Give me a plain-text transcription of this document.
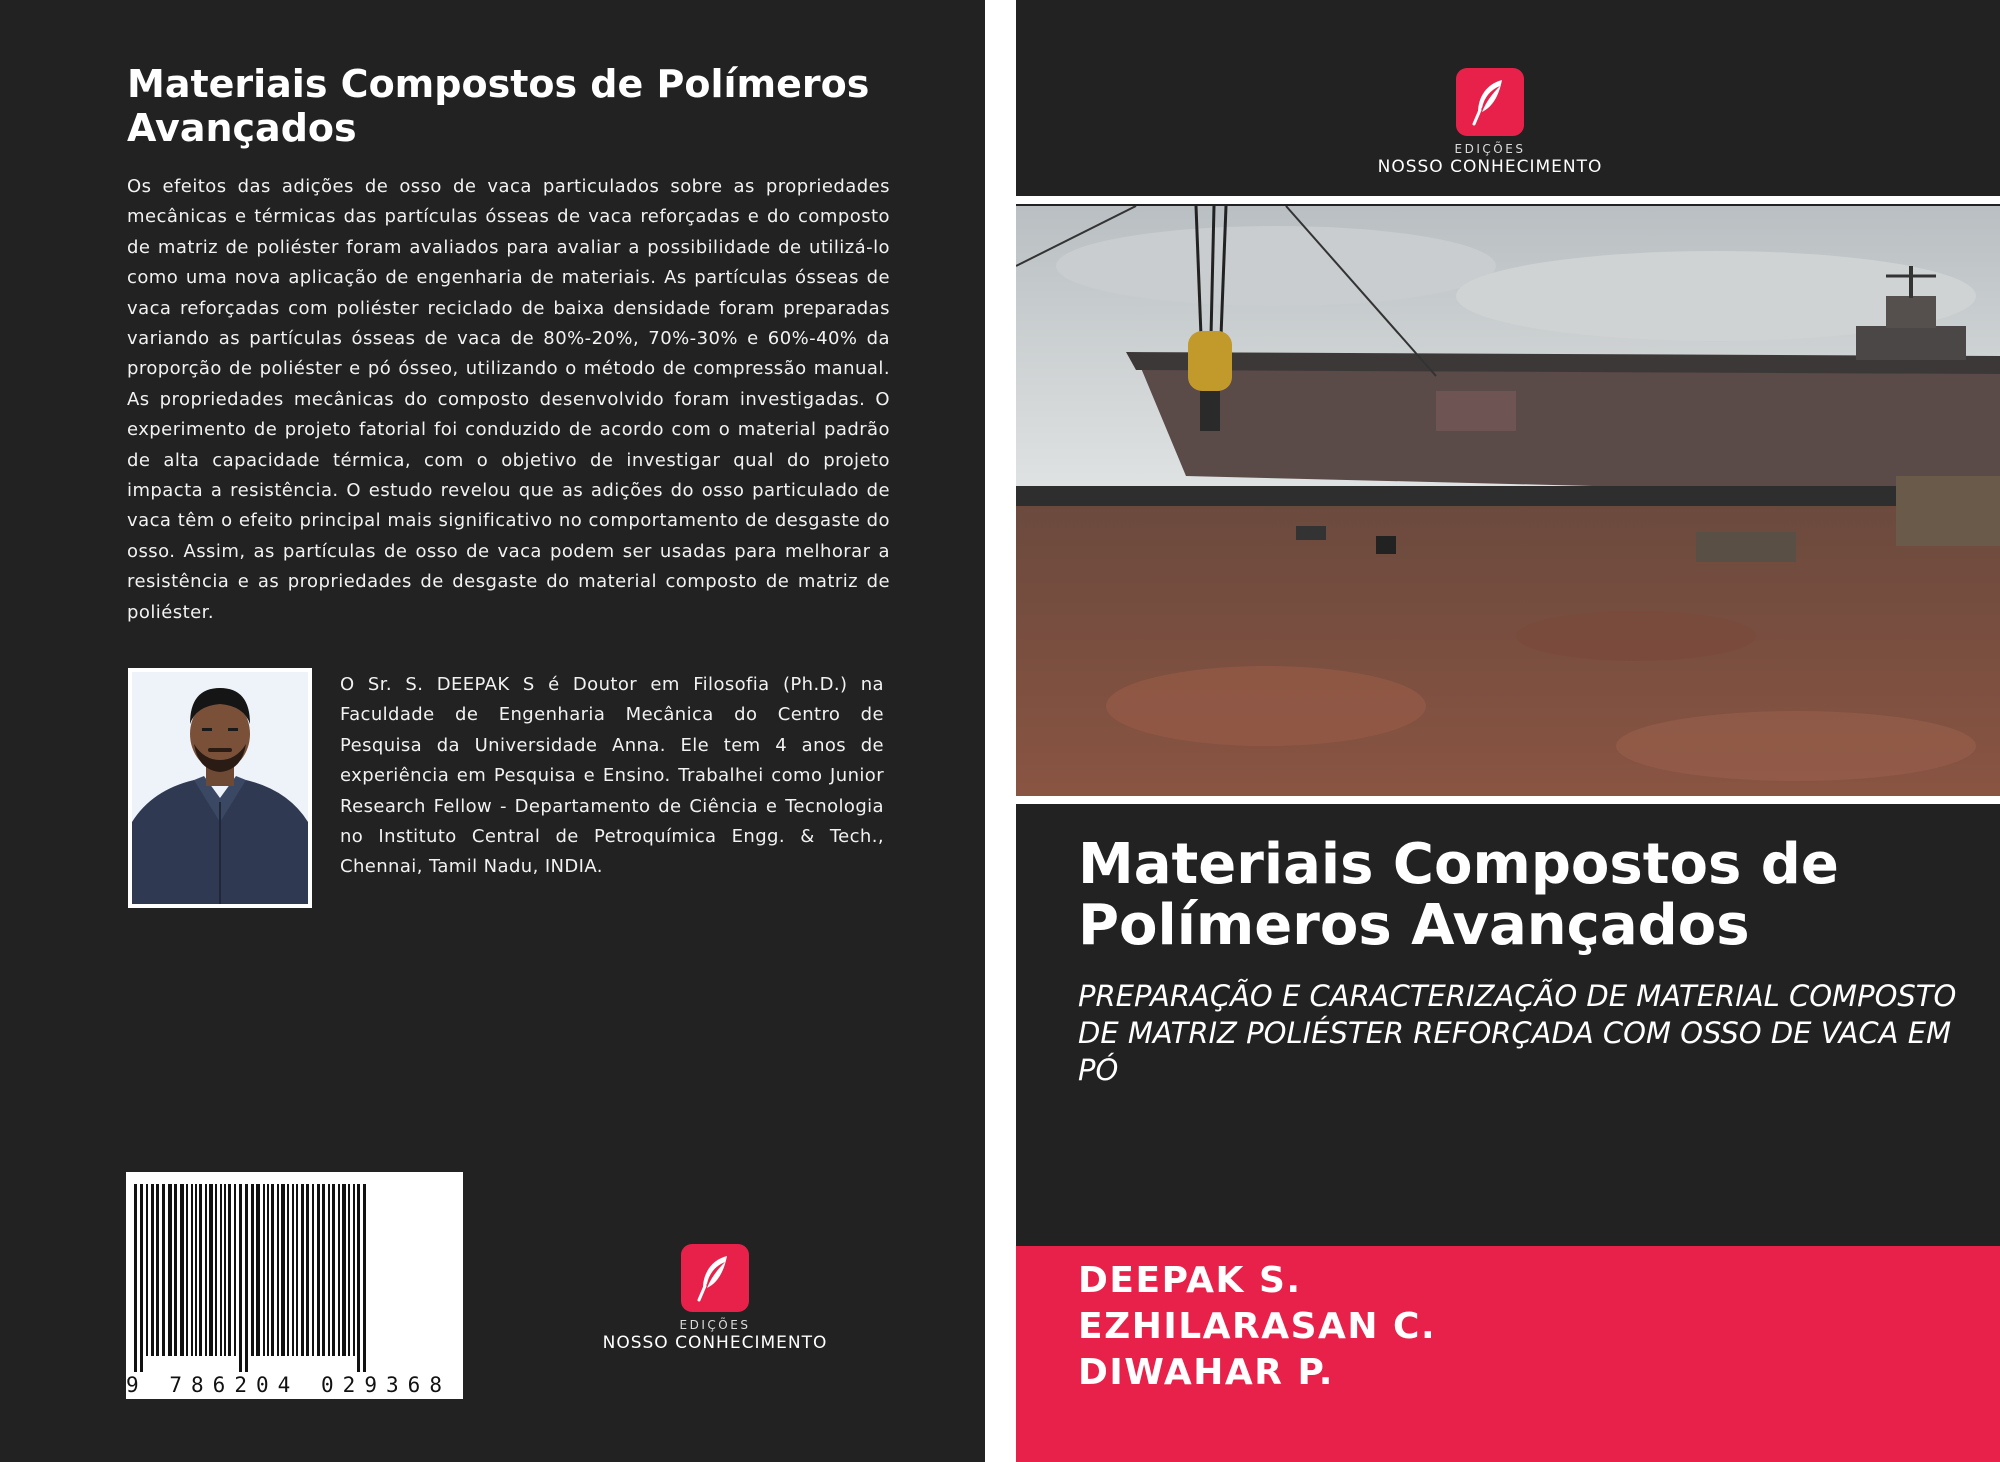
Materiais Compostos de Polímeros Avançados

Os efeitos das adições de osso de vaca particulados sobre as propriedades mecânicas e térmicas das partículas ósseas de vaca reforçadas e do composto de matriz de poliéster foram avaliados para avaliar a possibilidade de utilizá-lo como uma nova aplicação de engenharia de materiais. As partículas ósseas de vaca reforçadas com poliéster reciclado de baixa densidade foram preparadas variando as partículas ósseas de vaca de 80%-20%, 70%-30% e 60%-40% da proporção de poliéster e pó ósseo, utilizando o método de compressão manual. As propriedades mecânicas do composto desenvolvido foram investigadas. O experimento de projeto fatorial foi conduzido de acordo com o material padrão de alta capacidade térmica, com o objetivo de investigar qual do projeto impacta a resistência. O estudo revelou que as adições do osso particulado de vaca têm o efeito principal mais significativo no comportamento de desgaste do osso. Assim, as partículas de osso de vaca podem ser usadas para melhorar a resistência e as propriedades de desgaste do material composto de matriz de poliéster.

O Sr. S. DEEPAK S é Doutor em Filosofia (Ph.D.) na Faculdade de Engenharia Mecânica do Centro de Pesquisa da Universidade Anna. Ele tem 4 anos de experiência em Pesquisa e Ensino. Trabalhei como Junior Research Fellow - Departamento de Ciência e Tecnologia no Instituto Central de Petroquímica Engg. & Tech., Chennai, Tamil Nadu, INDIA.

9 786204 029368
EDIÇÕES
NOSSO CONHECIMENTO
EDIÇÕES
NOSSO CONHECIMENTO
Materiais Compostos de Polímeros Avançados

PREPARAÇÃO E CARACTERIZAÇÃO DE MATERIAL COMPOSTO DE MATRIZ POLIÉSTER REFORÇADA COM OSSO DE VACA EM PÓ

DEEPAK S.
EZHILARASAN C.
DIWAHAR P.
